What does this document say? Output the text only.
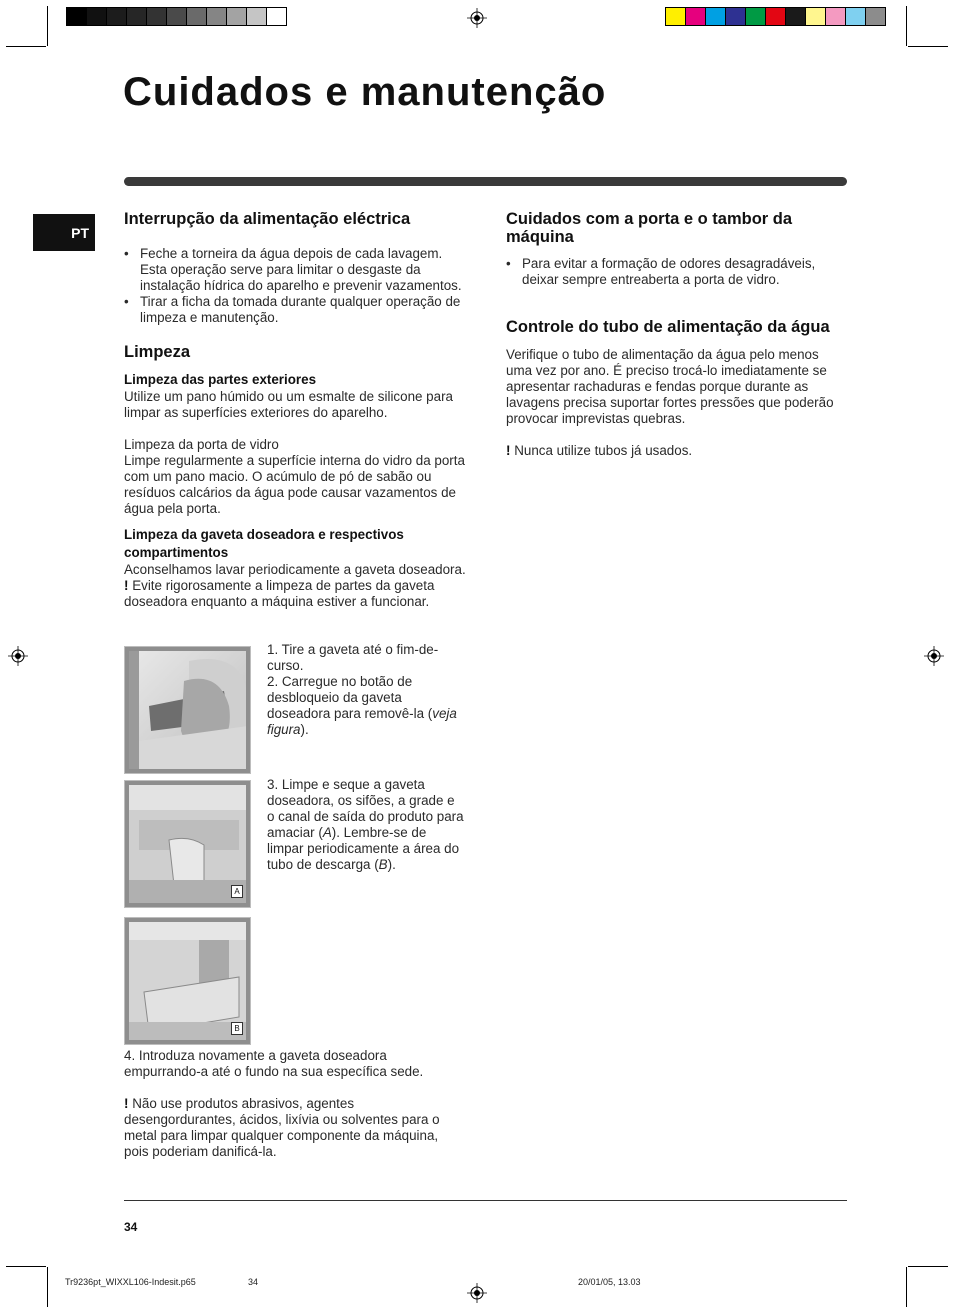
Cuidados e manutenção
PT
Interrupção da alimentação eléctrica
• Feche a torneira da água depois de cada lavagem. Esta operação serve para limitar o desgaste da instalação hídrica do aparelho e prevenir vazamentos.
• Tirar a ficha da tomada durante qualquer operação de limpeza e manutenção.
Limpeza
Limpeza das partes exteriores

Utilize um pano húmido ou um esmalte de silicone para limpar as superfícies exteriores do aparelho.

Limpeza da porta de vidro

Limpe regularmente a superfície interna do vidro da porta com um pano macio. O acúmulo de pó de sabão ou resíduos calcários da água pode causar vazamentos de água pela porta.

Limpeza da gaveta doseadora e respectivos compartimentos

Aconselhamos lavar periodicamente a gaveta doseadora.

! Evite rigorosamente a limpeza de partes da gaveta doseadora enquanto a máquina estiver a funcionar.

A
B

1. Tire a gaveta até o fim-de-curso.

2. Carregue no botão de desbloqueio da gaveta doseadora para removê-la (veja figura).

3. Limpe e seque a gaveta doseadora, os sifões, a grade e o canal de saída do produto para amaciar (A). Lembre-se de limpar periodicamente a área do tubo de descarga (B).

4. Introduza novamente a gaveta doseadora empurrando-a até o fundo na sua específica sede.

! Não use produtos abrasivos, agentes desengordurantes, ácidos, lixívia ou solventes para o metal para limpar qualquer componente da máquina, pois poderiam danificá-la.

Cuidados com a porta e o tambor da máquina
• Para evitar a formação de odores desagradáveis, deixar sempre entreaberta a porta de vidro.
Controle do tubo de alimentação da água

Verifique o tubo de alimentação da água pelo menos uma vez por ano. É preciso trocá-lo imediatamente se apresentar rachaduras e fendas porque durante as lavagens precisa suportar fortes pressões que poderão provocar imprevistas quebras.

! Nunca utilize tubos já usados.

34
Tr9236pt_WIXXL106-Indesit.p65	34	20/01/05, 13.03
